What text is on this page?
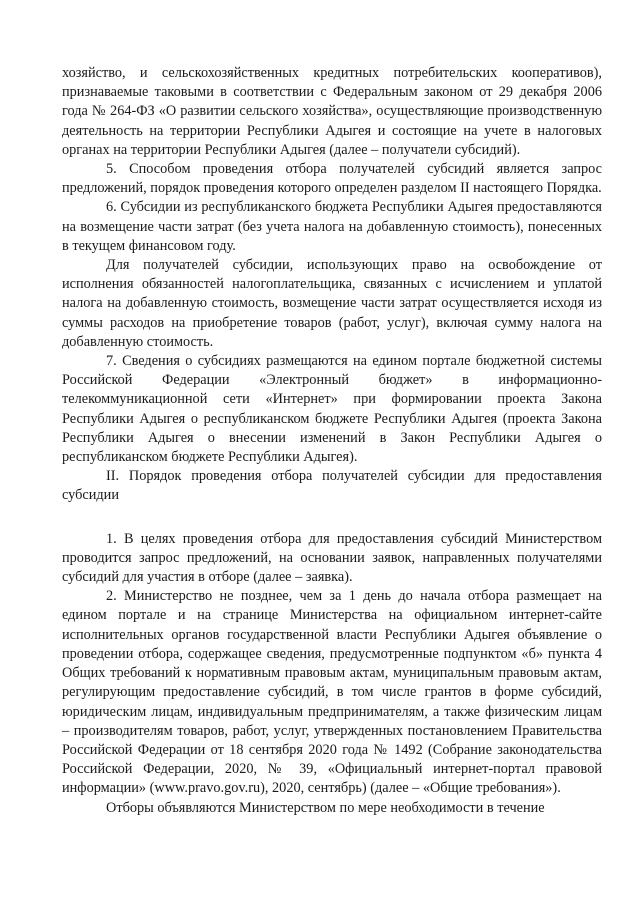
хозяйство, и сельскохозяйственных кредитных потребительских кооперативов), признаваемые таковыми в соответствии с Федеральным законом от 29 декабря 2006 года № 264-ФЗ «О развитии сельского хозяйства», осуществляющие производственную деятельность на территории Республики Адыгея и состоящие на учете в налоговых органах на территории Республики Адыгея (далее – получатели субсидий).

5. Способом проведения отбора получателей субсидий является запрос предложений, порядок проведения которого определен разделом II настоящего Порядка.

6. Субсидии из республиканского бюджета Республики Адыгея предоставляются на возмещение части затрат (без учета налога на добавленную стоимость), понесенных в текущем финансовом году.

Для получателей субсидии, использующих право на освобождение от исполнения обязанностей налогоплательщика, связанных с исчислением и уплатой налога на добавленную стоимость, возмещение части затрат осуществляется исходя из суммы расходов на приобретение товаров (работ, услуг), включая сумму налога на добавленную стоимость.

7. Сведения о субсидиях размещаются на едином портале бюджетной системы Российской Федерации «Электронный бюджет» в информационно-телекоммуникационной сети «Интернет» при формировании проекта Закона Республики Адыгея о республиканском бюджете Республики Адыгея (проекта Закона Республики Адыгея о внесении изменений в Закон Республики Адыгея о республиканском бюджете Республики Адыгея).

II. Порядок проведения отбора получателей субсидии для предоставления субсидии

1. В целях проведения отбора для предоставления субсидий Министерством проводится запрос предложений, на основании заявок, направленных получателями субсидий для участия в отборе (далее – заявка).

2. Министерство не позднее, чем за 1 день до начала отбора размещает на едином портале и на странице Министерства на официальном интернет-сайте исполнительных органов государственной власти Республики Адыгея объявление о проведении отбора, содержащее сведения, предусмотренные подпунктом «б» пункта 4 Общих требований к нормативным правовым актам, муниципальным правовым актам, регулирующим предоставление субсидий, в том числе грантов в форме субсидий, юридическим лицам, индивидуальным предпринимателям, а также физическим лицам – производителям товаров, работ, услуг, утвержденных постановлением Правительства Российской Федерации от 18 сентября 2020 года № 1492 (Собрание законодательства Российской Федерации, 2020, № 39, «Официальный интернет-портал правовой информации» (www.pravo.gov.ru), 2020, сентябрь) (далее – «Общие требования»).

Отборы объявляются Министерством по мере необходимости в течение
